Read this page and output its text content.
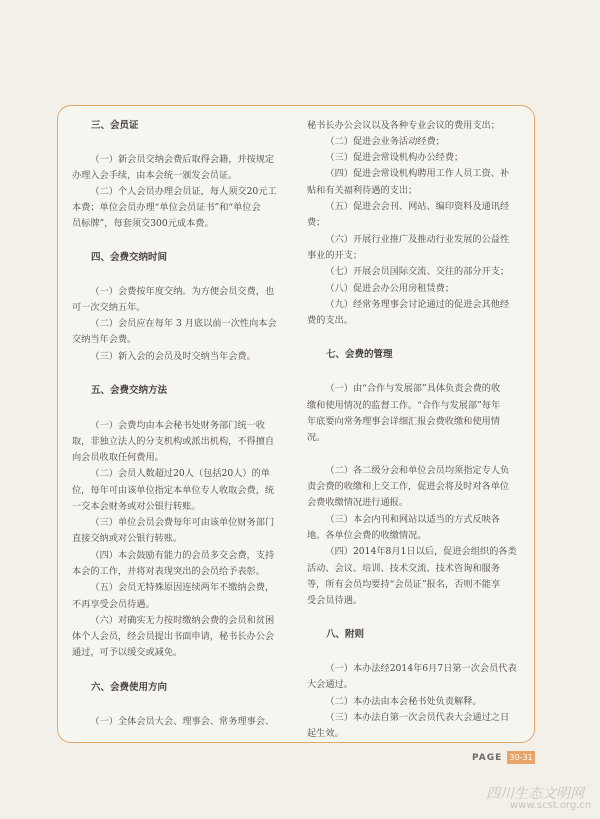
三、会员证
（一）新会员交纳会费后取得会籍，并按规定
办理入会手续，由本会统一颁发会员证。
（二）个人会员办理会员证，每人须交20元工
本费；单位会员办理“单位会员证书”和“单位会
员标牌”，每套须交300元成本费。
四、会费交纳时间
（一）会费按年度交纳。为方便会员交费，也
可一次交纳五年。
（二）会员应在每年 3 月底以前一次性向本会
交纳当年会费。
（三）新入会的会员及时交纳当年会费。
五、会费交纳方法
（一）会费均由本会秘书处财务部门统一收
取，非独立法人的分支机构或派出机构，不得擅自
向会员收取任何费用。
（二）会员人数超过20人（包括20人）的单
位，每年可由该单位指定本单位专人收取会费，统
一交本会财务或对公银行转账。
（三）单位会员会费每年可由该单位财务部门
直接交纳或对公银行转账。
（四）本会鼓励有能力的会员多交会费，支持
本会的工作，并将对表现突出的会员给予表彰。
（五）会员无特殊原因连续两年不缴纳会费，
不再享受会员待遇。
（六）对确实无力按时缴纳会费的会员和贫困
体个人会员，经会员提出书面申请，秘书长办公会
通过，可予以缓交或减免。
六、会费使用方向
（一）全体会员大会、理事会、常务理事会、
秘书长办公会议以及各种专业会议的费用支出；
（二）促进会业务活动经费；
（三）促进会常设机构办公经费；
（四）促进会常设机构聘用工作人员工资、补
贴和有关福利待遇的支出；
（五）促进会会刊、网站、编印资料及通讯经
费；
（六）开展行业推广及推动行业发展的公益性
事业的开支；
（七）开展会员国际交流、交往的部分开支；
（八）促进会办公用房租赁费；
（九）经常务理事会讨论通过的促进会其他经
费的支出。
七、会费的管理
（一）由“合作与发展部”具体负责会费的收
缴和使用情况的监督工作。“合作与发展部”每年
年底要向常务理事会详细汇报会费收缴和使用情
况。
（二）各二级分会和单位会员均须指定专人负
责会费的收缴和上交工作，促进会将及时对各单位
会费收缴情况进行通报。
（三）本会内刊和网站以适当的方式反映各
地、各单位会费的收缴情况。
（四）2014年8月1日以后，促进会组织的各类
活动、会议、培训、技术交流、技术咨询和服务
等，所有会员均要持“会员证”报名，否则不能享
受会员待遇。
八、附则
（一）本办法经2014年6月7日第一次会员代表
大会通过。
（二）本办法由本会秘书处负责解释。
（三）本办法自第一次会员代表大会通过之日
起生效。
PAGE 30-31
四川生态文明网
www.scst.org.cn
